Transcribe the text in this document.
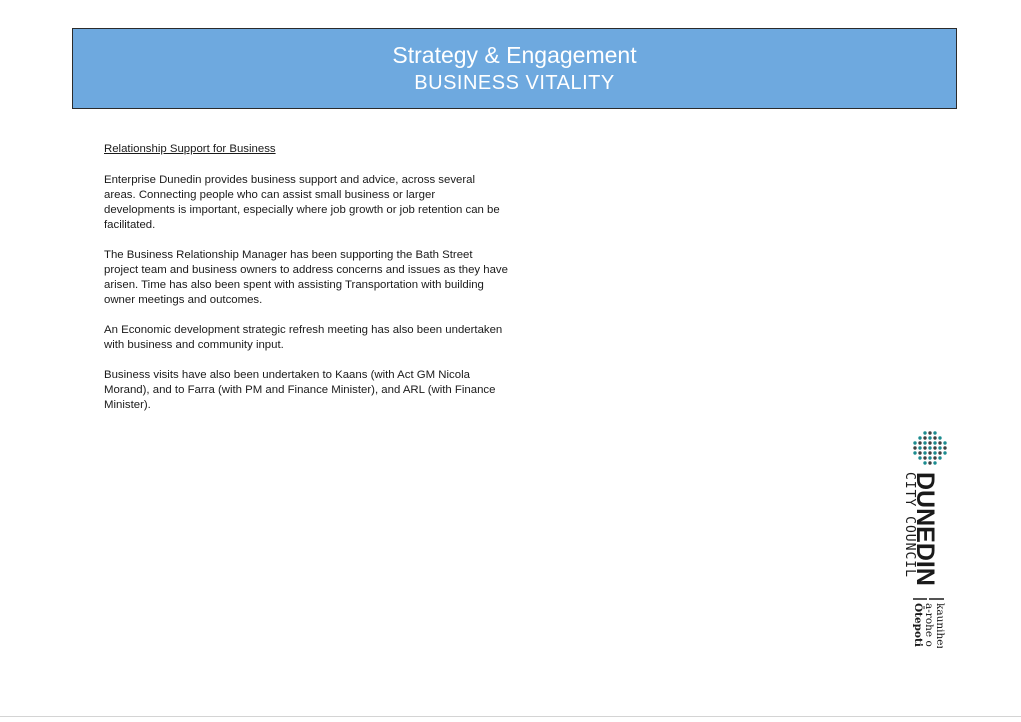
Strategy & Engagement
BUSINESS VITALITY
Relationship Support for Business

Enterprise Dunedin provides business support and advice, across several areas. Connecting people who can assist small business or larger developments is important, especially where job growth or job retention can be facilitated.

The Business Relationship Manager has been supporting the Bath Street project team and business owners to address concerns and issues as they have arisen. Time has also been spent with assisting Transportation with building owner meetings and outcomes.

An Economic development strategic refresh meeting has also been undertaken with business and community input.

Business visits have also been undertaken to Kaans (with Act GM Nicola Morand), and to Farra (with PM and Finance Minister), and ARL (with Finance Minister).

DUNEDIN
CITY COUNCIL
kaunihera
a-rohe o
Ōtepoti
